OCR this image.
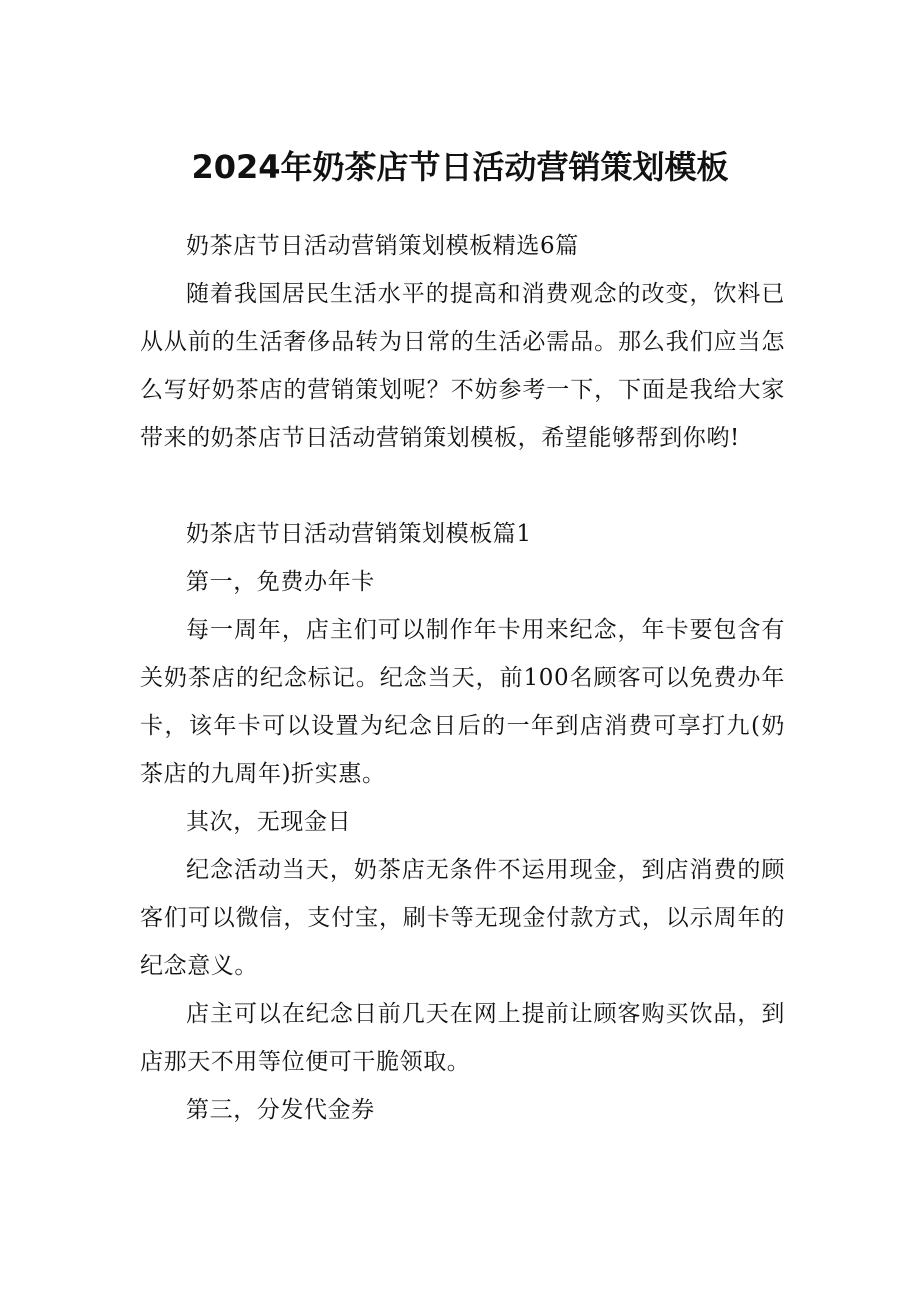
2024年奶茶店节日活动营销策划模板

奶茶店节日活动营销策划模板精选6篇

随着我国居民生活水平的提高和消费观念的改变，饮料已从从前的生活奢侈品转为日常的生活必需品。那么我们应当怎么写好奶茶店的营销策划呢？不妨参考一下，下面是我给大家带来的奶茶店节日活动营销策划模板，希望能够帮到你哟!

奶茶店节日活动营销策划模板篇1

第一，免费办年卡

每一周年，店主们可以制作年卡用来纪念，年卡要包含有关奶茶店的纪念标记。纪念当天，前100名顾客可以免费办年卡，该年卡可以设置为纪念日后的一年到店消费可享打九(奶茶店的九周年)折实惠。

其次，无现金日

纪念活动当天，奶茶店无条件不运用现金，到店消费的顾客们可以微信，支付宝，刷卡等无现金付款方式，以示周年的纪念意义。

店主可以在纪念日前几天在网上提前让顾客购买饮品，到店那天不用等位便可干脆领取。

第三，分发代金券
